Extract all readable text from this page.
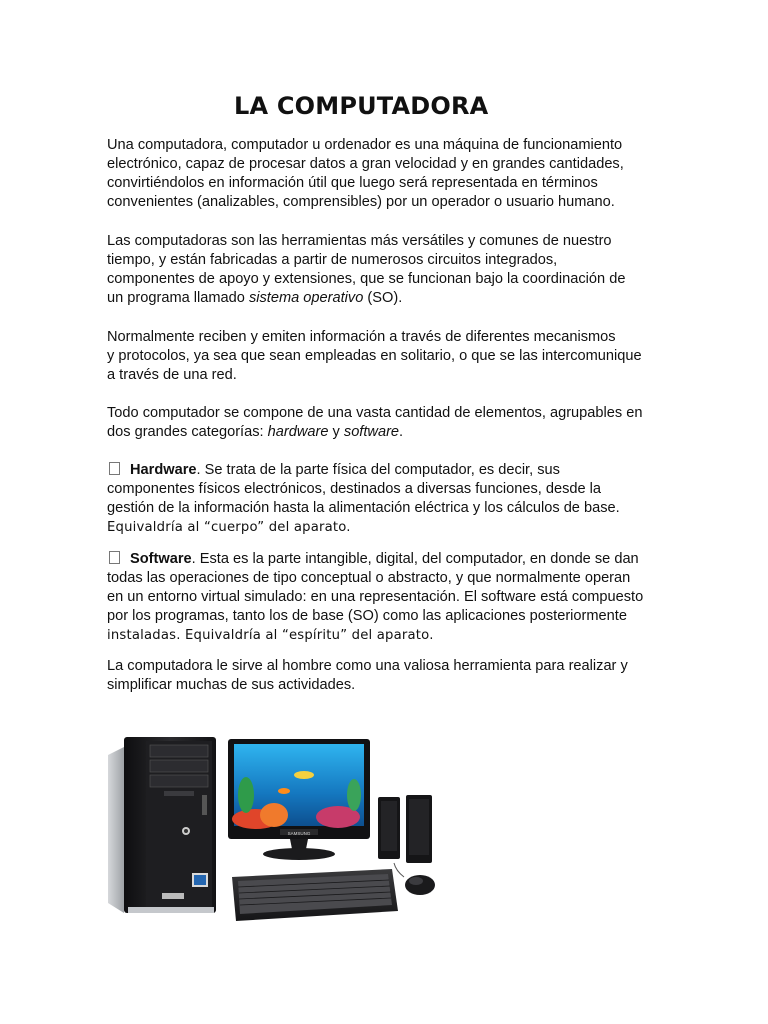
LA COMPUTADORA
Una computadora, computador u ordenador es una máquina de funcionamiento
electrónico, capaz de procesar datos a gran velocidad y en grandes cantidades,
convirtiéndolos en información útil que luego será representada en términos
convenientes (analizables, comprensibles) por un operador o usuario humano.
Las computadoras son las herramientas más versátiles y comunes de nuestro
tiempo, y están fabricadas a partir de numerosos circuitos integrados,
componentes de apoyo y extensiones, que se funcionan bajo la coordinación de
un programa llamado sistema operativo (SO).
Normalmente reciben y emiten información a través de diferentes mecanismos
y protocolos, ya sea que sean empleadas en solitario, o que se las intercomunique
a través de una red.
Todo computador se compone de una vasta cantidad de elementos, agrupables en
dos grandes categorías: hardware y software.
Hardware. Se trata de la parte física del computador, es decir, sus
componentes físicos electrónicos, destinados a diversas funciones, desde la
gestión de la información hasta la alimentación eléctrica y los cálculos de base.
Equivaldría al “cuerpo” del aparato.
Software. Esta es la parte intangible, digital, del computador, en donde se dan
todas las operaciones de tipo conceptual o abstracto, y que normalmente operan
en un entorno virtual simulado: en una representación. El software está compuesto
por los programas, tanto los de base (SO) como las aplicaciones posteriormente
instaladas. Equivaldría al “espíritu” del aparato.
La computadora le sirve al hombre como una valiosa herramienta para realizar y
simplificar muchas de sus actividades.
SAMSUNG
